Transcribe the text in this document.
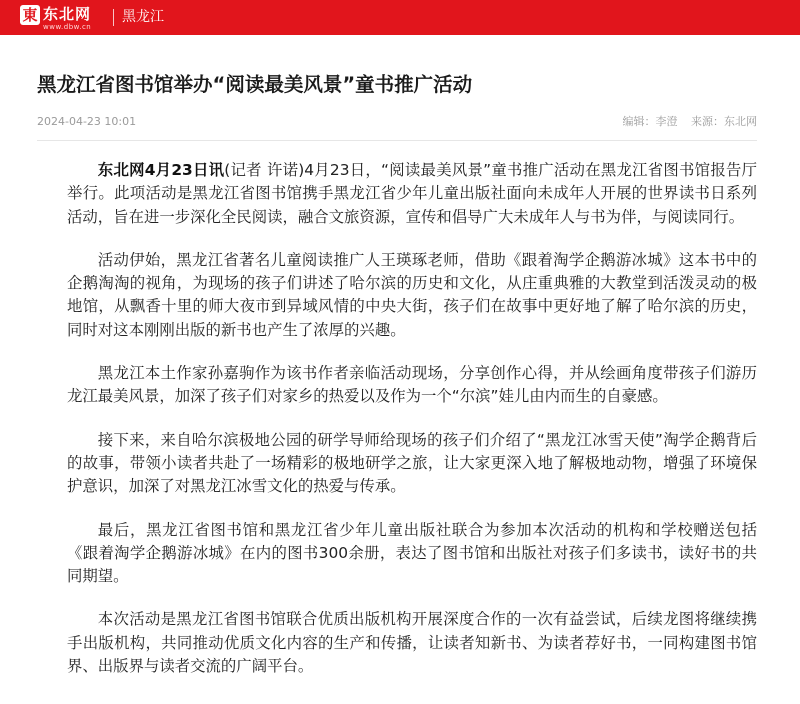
東 东北网
www.dbw.cn
黑龙江
黑龙江省图书馆举办“阅读最美风景”童书推广活动
2024-04-23 10:01	编辑：李澄 来源：东北网

东北网4月23日讯(记者 许诺)4月23日，“阅读最美风景”童书推广活动在黑龙江省图书馆报告厅举行。此项活动是黑龙江省图书馆携手黑龙江省少年儿童出版社面向未成年人开展的世界读书日系列活动，旨在进一步深化全民阅读，融合文旅资源，宣传和倡导广大未成年人与书为伴，与阅读同行。

活动伊始，黑龙江省著名儿童阅读推广人王瑛琢老师，借助《跟着淘学企鹅游冰城》这本书中的企鹅淘淘的视角，为现场的孩子们讲述了哈尔滨的历史和文化，从庄重典雅的大教堂到活泼灵动的极地馆，从飘香十里的师大夜市到异域风情的中央大街，孩子们在故事中更好地了解了哈尔滨的历史，同时对这本刚刚出版的新书也产生了浓厚的兴趣。

黑龙江本土作家孙嘉驹作为该书作者亲临活动现场，分享创作心得，并从绘画角度带孩子们游历龙江最美风景，加深了孩子们对家乡的热爱以及作为一个“尔滨”娃儿由内而生的自豪感。

接下来，来自哈尔滨极地公园的研学导师给现场的孩子们介绍了“黑龙江冰雪天使”淘学企鹅背后的故事，带领小读者共赴了一场精彩的极地研学之旅，让大家更深入地了解极地动物，增强了环境保护意识，加深了对黑龙江冰雪文化的热爱与传承。

最后，黑龙江省图书馆和黑龙江省少年儿童出版社联合为参加本次活动的机构和学校赠送包括《跟着淘学企鹅游冰城》在内的图书300余册，表达了图书馆和出版社对孩子们多读书，读好书的共同期望。

本次活动是黑龙江省图书馆联合优质出版机构开展深度合作的一次有益尝试，后续龙图将继续携手出版机构，共同推动优质文化内容的生产和传播，让读者知新书、为读者荐好书，一同构建图书馆界、出版界与读者交流的广阔平台。
